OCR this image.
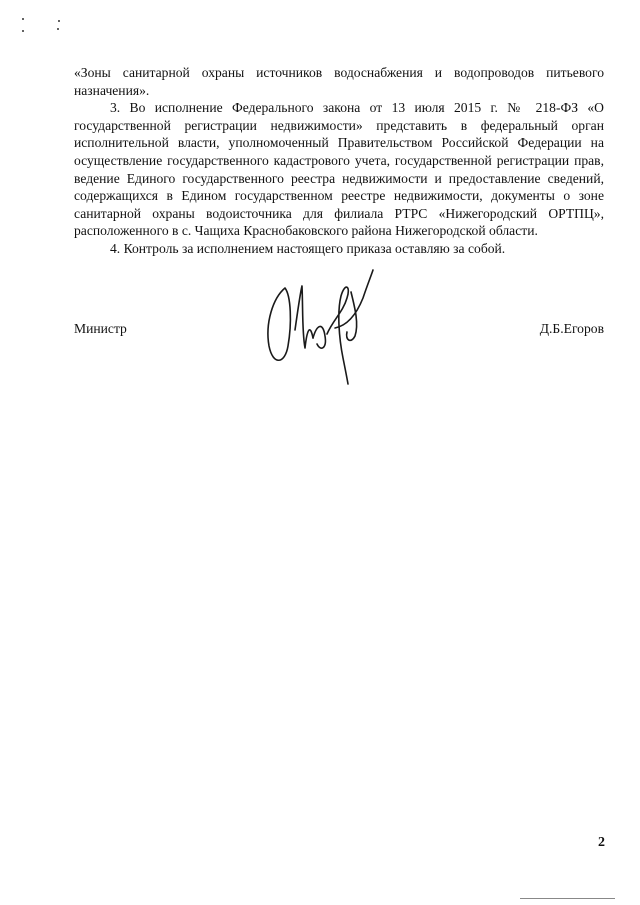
«Зоны санитарной охраны источников водоснабжения и водопроводов питьевого назначения».

3. Во исполнение Федерального закона от 13 июля 2015 г. № 218-ФЗ «О государственной регистрации недвижимости» представить в федеральный орган исполнительной власти, уполномоченный Правительством Российской Федерации на осуществление государственного кадастрового учета, государственной регистрации прав, ведение Единого государственного реестра недвижимости и предоставление сведений, содержащихся в Едином государственном реестре недвижимости, документы о зоне санитарной охраны водоисточника для филиала РТРС «Нижегородский ОРТПЦ», расположенного в с. Чащиха Краснобаковского района Нижегородской области.

4. Контроль за исполнением настоящего приказа оставляю за собой.

Министр	Д.Б.Егоров
2
